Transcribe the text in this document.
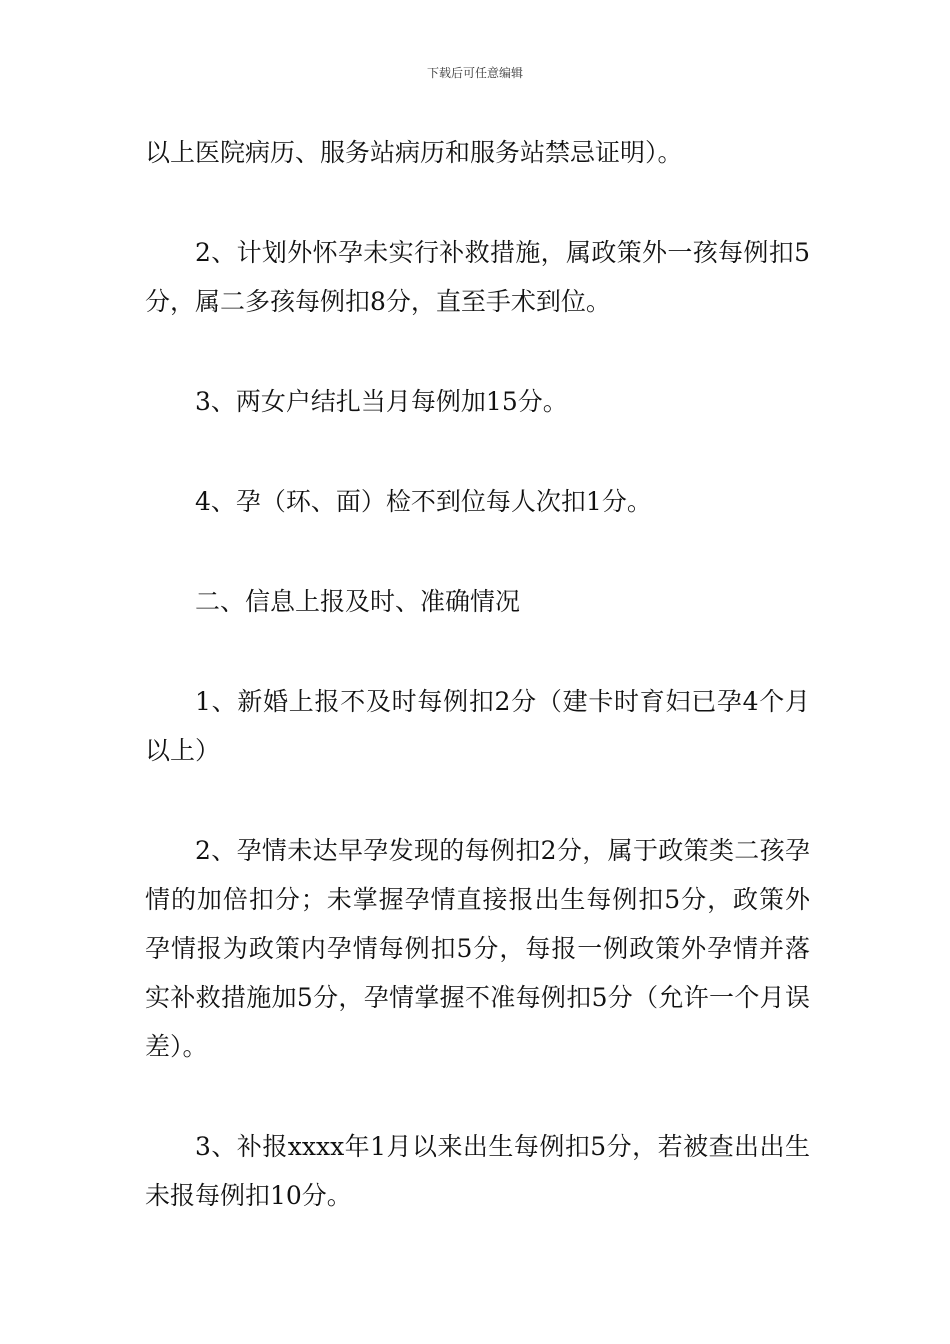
下载后可任意编辑

以上医院病历、服务站病历和服务站禁忌证明）。

2、计划外怀孕未实行补救措施，属政策外一孩每例扣5分，属二多孩每例扣8分，直至手术到位。

3、两女户结扎当月每例加15分。

4、孕（环、面）检不到位每人次扣1分。

二、信息上报及时、准确情况

1、新婚上报不及时每例扣2分（建卡时育妇已孕4个月以上）

2、孕情未达早孕发现的每例扣2分，属于政策类二孩孕情的加倍扣分；未掌握孕情直接报出生每例扣5分，政策外孕情报为政策内孕情每例扣5分，每报一例政策外孕情并落实补救措施加5分，孕情掌握不准每例扣5分（允许一个月误差）。

3、补报xxxx年1月以来出生每例扣5分，若被查出出生未报每例扣10分。
